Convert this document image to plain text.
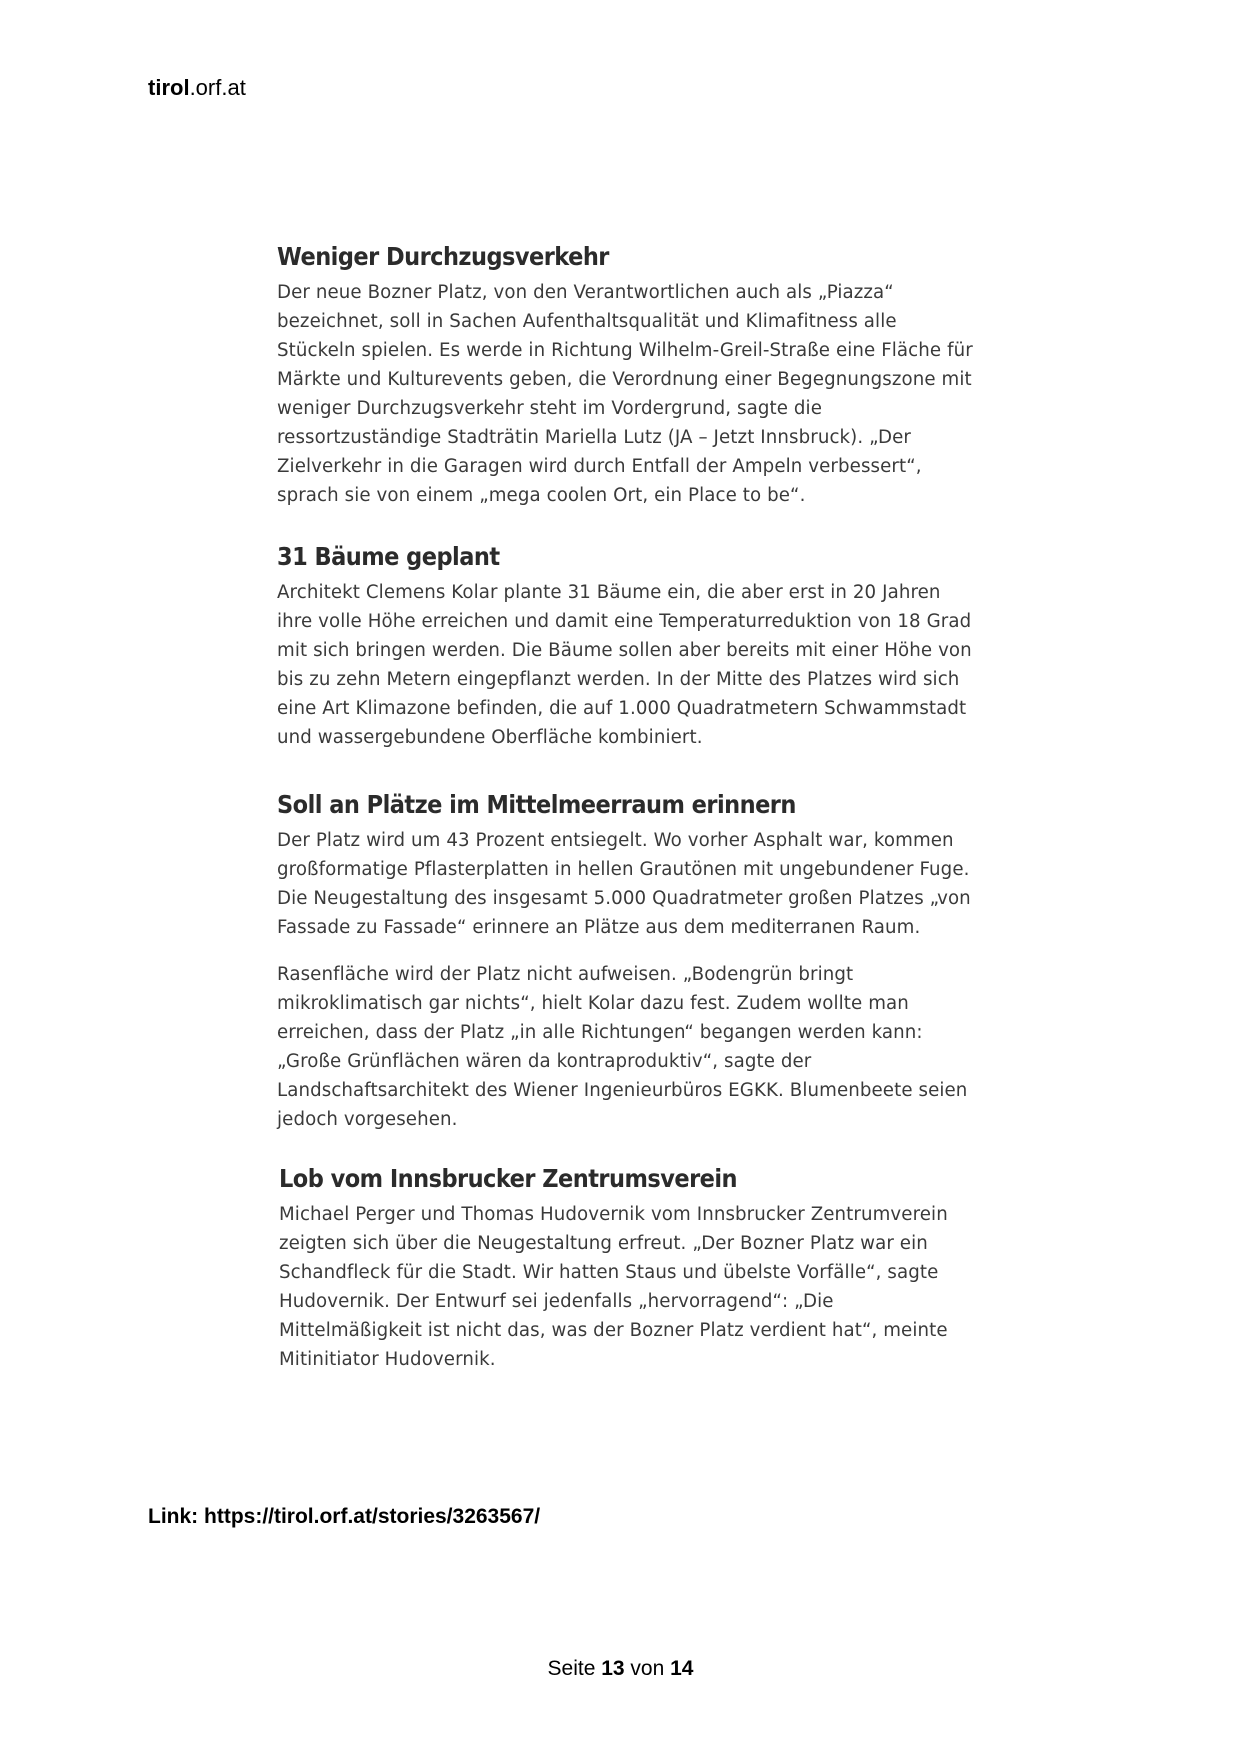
tirol.orf.at
Weniger Durchzugsverkehr

Der neue Bozner Platz, von den Verantwortlichen auch als „Piazza“ bezeichnet, soll in Sachen Aufenthaltsqualität und Klimafitness alle Stückeln spielen. Es werde in Richtung Wilhelm-Greil-Straße eine Fläche für Märkte und Kulturevents geben, die Verordnung einer Begegnungszone mit weniger Durchzugsverkehr steht im Vordergrund, sagte die ressortzuständige Stadträtin Mariella Lutz (JA – Jetzt Innsbruck). „Der Zielverkehr in die Garagen wird durch Entfall der Ampeln verbessert“, sprach sie von einem „mega coolen Ort, ein Place to be“.

31 Bäume geplant

Architekt Clemens Kolar plante 31 Bäume ein, die aber erst in 20 Jahren ihre volle Höhe erreichen und damit eine Temperaturreduktion von 18 Grad mit sich bringen werden. Die Bäume sollen aber bereits mit einer Höhe von bis zu zehn Metern eingepflanzt werden. In der Mitte des Platzes wird sich eine Art Klimazone befinden, die auf 1.000 Quadratmetern Schwammstadt und wassergebundene Oberfläche kombiniert.

Soll an Plätze im Mittelmeerraum erinnern

Der Platz wird um 43 Prozent entsiegelt. Wo vorher Asphalt war, kommen großformatige Pflasterplatten in hellen Grautönen mit ungebundener Fuge. Die Neugestaltung des insgesamt 5.000 Quadratmeter großen Platzes „von Fassade zu Fassade“ erinnere an Plätze aus dem mediterranen Raum.

Rasenfläche wird der Platz nicht aufweisen. „Bodengrün bringt mikroklimatisch gar nichts“, hielt Kolar dazu fest. Zudem wollte man erreichen, dass der Platz „in alle Richtungen“ begangen werden kann: „Große Grünflächen wären da kontraproduktiv“, sagte der Landschaftsarchitekt des Wiener Ingenieurbüros EGKK. Blumenbeete seien jedoch vorgesehen.

Lob vom Innsbrucker Zentrumsverein

Michael Perger und Thomas Hudovernik vom Innsbrucker Zentrumverein zeigten sich über die Neugestaltung erfreut. „Der Bozner Platz war ein Schandfleck für die Stadt. Wir hatten Staus und übelste Vorfälle“, sagte Hudovernik. Der Entwurf sei jedenfalls „hervorragend“: „Die Mittelmäßigkeit ist nicht das, was der Bozner Platz verdient hat“, meinte Mitinitiator Hudovernik.

Link: https://tirol.orf.at/stories/3263567/
Seite 13 von 14
